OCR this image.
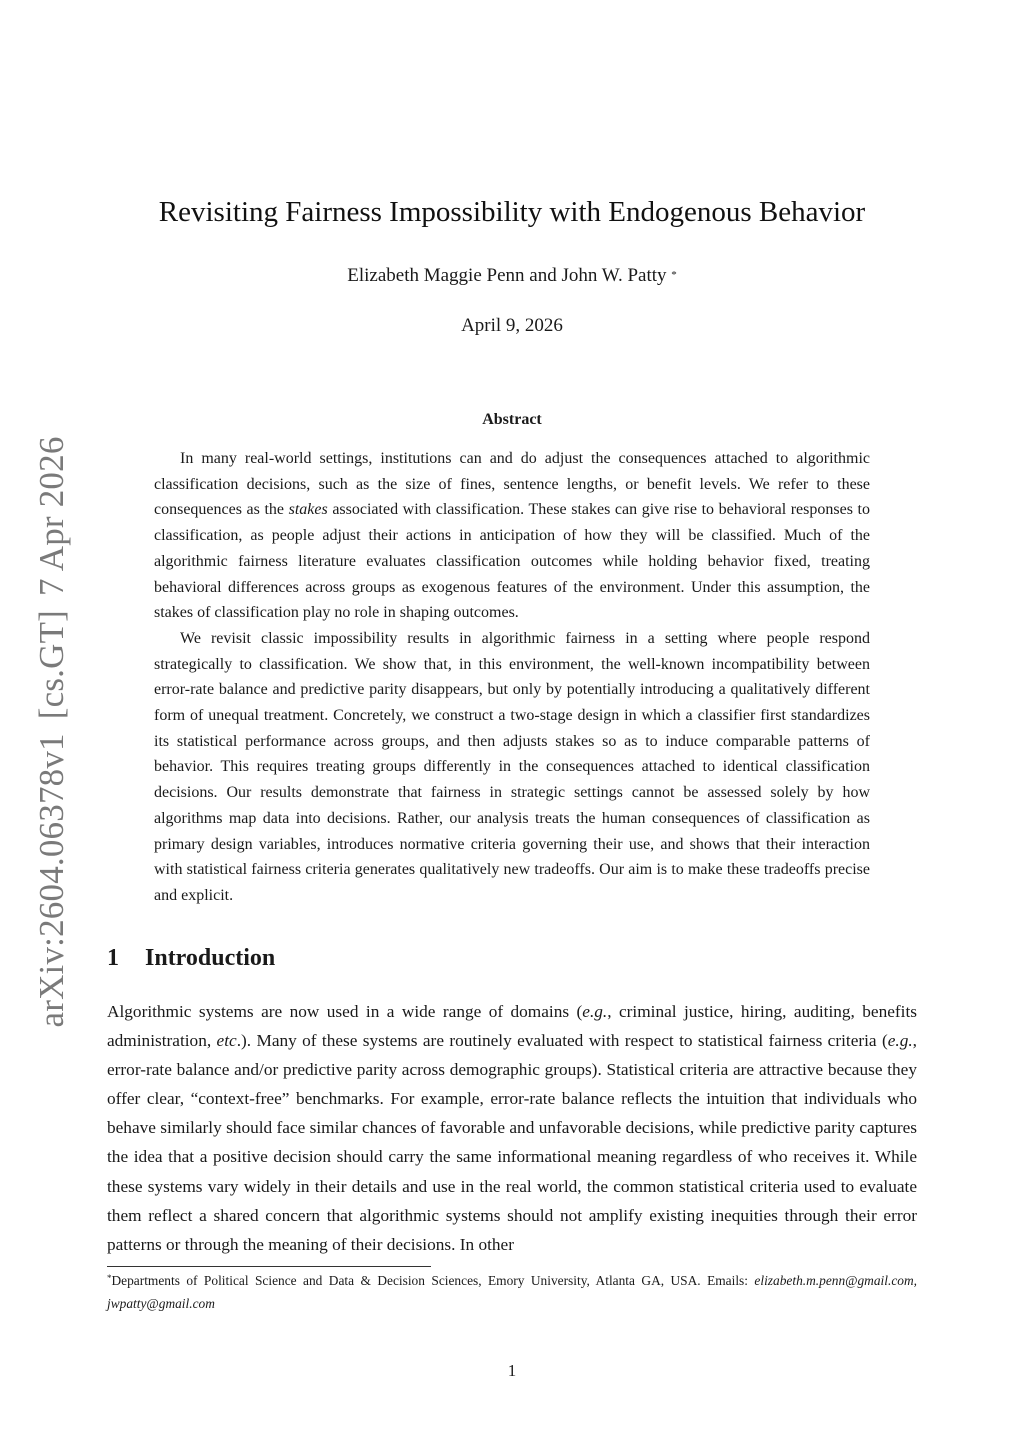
arXiv:2604.06378v1[cs.GT]7 Apr 2026
Revisiting Fairness Impossibility with Endogenous Behavior
Elizabeth Maggie Penn and John W. Patty *
April 9, 2026
Abstract

In many real-world settings, institutions can and do adjust the consequences attached to algorithmic classification decisions, such as the size of fines, sentence lengths, or benefit levels. We refer to these consequences as the stakes associated with classification. These stakes can give rise to behavioral responses to classification, as people adjust their actions in anticipation of how they will be classified. Much of the algorithmic fairness literature evaluates classification outcomes while holding behavior fixed, treating behavioral differences across groups as exogenous features of the environment. Under this assumption, the stakes of classification play no role in shaping outcomes.

We revisit classic impossibility results in algorithmic fairness in a setting where people respond strategically to classification. We show that, in this environment, the well-known incompatibility between error-rate balance and predictive parity disappears, but only by potentially introducing a qualitatively different form of unequal treatment. Concretely, we construct a two-stage design in which a classifier first standardizes its statistical performance across groups, and then adjusts stakes so as to induce comparable patterns of behavior. This requires treating groups differently in the consequences attached to identical classification decisions. Our results demonstrate that fairness in strategic settings cannot be assessed solely by how algorithms map data into decisions. Rather, our analysis treats the human consequences of classification as primary design variables, introduces normative criteria governing their use, and shows that their interaction with statistical fairness criteria generates qualitatively new tradeoffs. Our aim is to make these tradeoffs precise and explicit.

1 Introduction

Algorithmic systems are now used in a wide range of domains (e.g., criminal justice, hiring, auditing, benefits administration, etc.). Many of these systems are routinely evaluated with respect to statistical fairness criteria (e.g., error-rate balance and/or predictive parity across demographic groups). Statistical criteria are attractive because they offer clear, “context-free” benchmarks. For example, error-rate balance reflects the intuition that individuals who behave similarly should face similar chances of favorable and unfavorable decisions, while predictive parity captures the idea that a positive decision should carry the same informational meaning regardless of who receives it. While these systems vary widely in their details and use in the real world, the common statistical criteria used to evaluate them reflect a shared concern that algorithmic systems should not amplify existing inequities through their error patterns or through the meaning of their decisions. In other

*Departments of Political Science and Data & Decision Sciences, Emory University, Atlanta GA, USA. Emails: elizabeth.m.penn@gmail.com, jwpatty@gmail.com
1
